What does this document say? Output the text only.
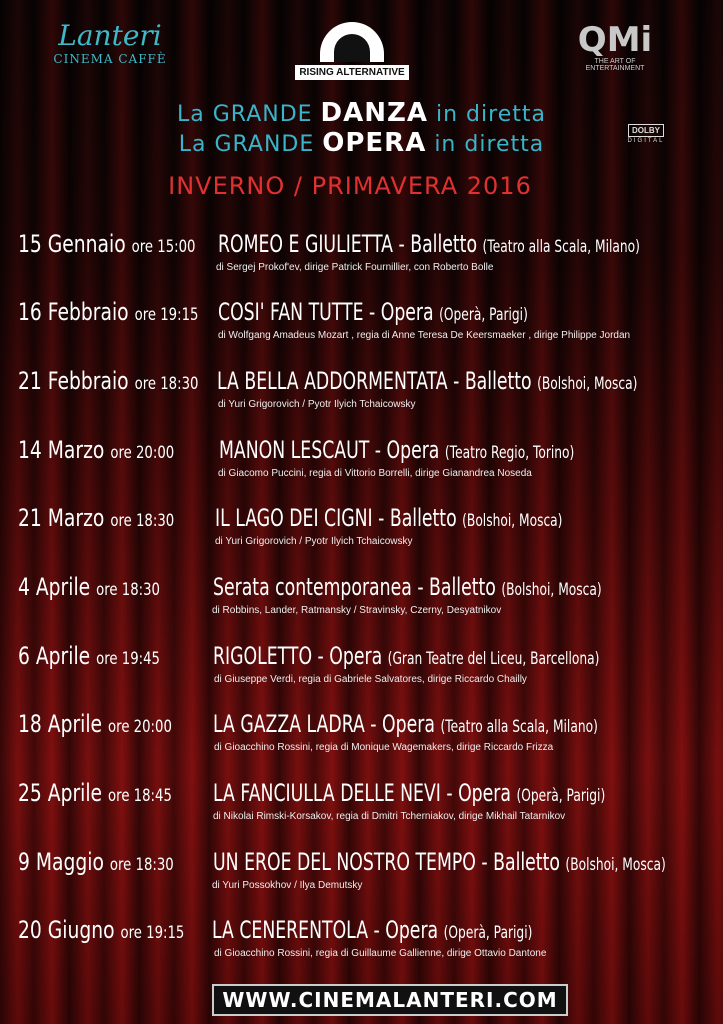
Lanteri
CINEMA CAFFÈ
RISING ALTERNATIVE
QMi
THE ART OF ENTERTAINMENT
DOLBY
DIGITAL
La GRANDE DANZA in diretta
La GRANDE OPERA in diretta
INVERNO / PRIMAVERA 2016
15 Gennaio ore 15:00 ROMEO E GIULIETTA - Balletto (Teatro alla Scala, Milano)
di Sergej Prokof'ev, dirige Patrick Fournillier, con Roberto Bolle
16 Febbraio ore 19:15 COSI' FAN TUTTE - Opera (Operà, Parigi)
di Wolfgang Amadeus Mozart , regia di Anne Teresa De Keersmaeker , dirige Philippe Jordan
21 Febbraio ore 18:30 LA BELLA ADDORMENTATA - Balletto (Bolshoi, Mosca)
di Yuri Grigorovich / Pyotr Ilyich Tchaicowsky
14 Marzo ore 20:00 MANON LESCAUT - Opera (Teatro Regio, Torino)
di Giacomo Puccini, regia di Vittorio Borrelli, dirige Gianandrea Noseda
21 Marzo ore 18:30 IL LAGO DEI CIGNI - Balletto (Bolshoi, Mosca)
di Yuri Grigorovich / Pyotr Ilyich Tchaicowsky
4 Aprile ore 18:30 Serata contemporanea - Balletto (Bolshoi, Mosca)
di Robbins, Lander, Ratmansky / Stravinsky, Czerny, Desyatnikov
6 Aprile ore 19:45 RIGOLETTO - Opera (Gran Teatre del Liceu, Barcellona)
di Giuseppe Verdi, regia di Gabriele Salvatores, dirige Riccardo Chailly
18 Aprile ore 20:00 LA GAZZA LADRA - Opera (Teatro alla Scala, Milano)
di Gioacchino Rossini, regia di Monique Wagemakers, dirige Riccardo Frizza
25 Aprile ore 18:45 LA FANCIULLA DELLE NEVI - Opera (Operà, Parigi)
di Nikolai Rimski-Korsakov, regia di Dmitri Tcherniakov, dirige Mikhail Tatarnikov
9 Maggio ore 18:30 UN EROE DEL NOSTRO TEMPO - Balletto (Bolshoi, Mosca)
di Yuri Possokhov / Ilya Demutsky
20 Giugno ore 19:15 LA CENERENTOLA - Opera (Operà, Parigi)
di Gioacchino Rossini, regia di Guillaume Gallienne, dirige Ottavio Dantone
WWW.CINEMALANTERI.COM
